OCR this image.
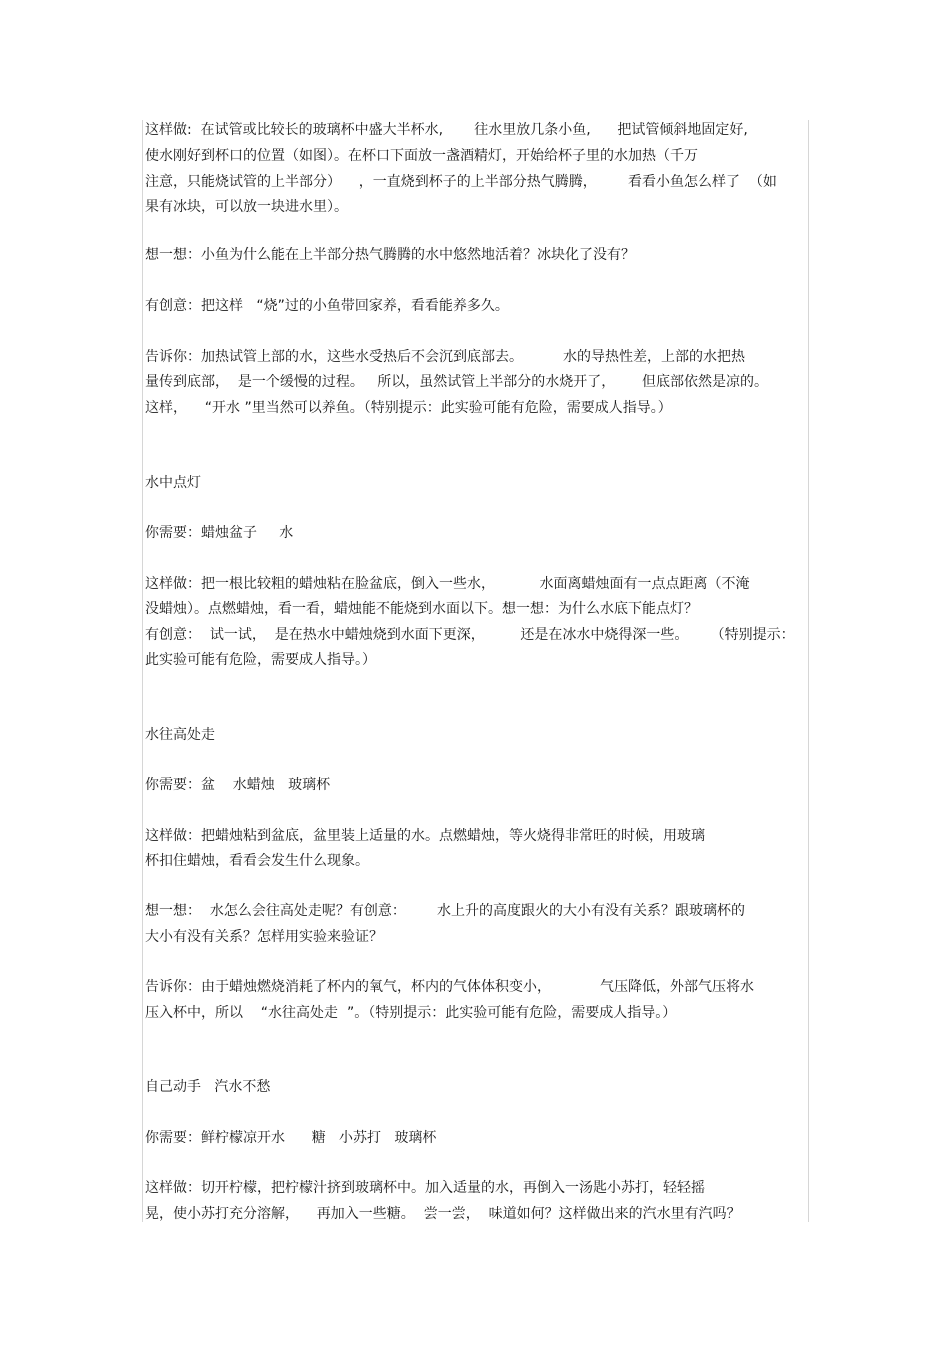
这样做:  在试管或比较长的玻璃杯中盛大半杯水,       往水里放几条小鱼,      把试管倾斜地固定好,
使水刚好到杯口的位置（如图）。在杯口下面放一盏酒精灯，开始给杯子里的水加热（千万
注意，只能烧试管的上半部分）    ，一直烧到杯子的上半部分热气腾腾，       看看小鱼怎么样了  （如
果有冰块，可以放一块进水里）。
想一想：小鱼为什么能在上半部分热气腾腾的水中悠然地活着？冰块化了没有？
有创意：把这样   “烧”过的小鱼带回家养，看看能养多久。
告诉你：加热试管上部的水，这些水受热后不会沉到底部去。         水的导热性差，上部的水把热
量传到底部，  是一个缓慢的过程。   所以，虽然试管上半部分的水烧开了，      但底部依然是凉的。
这样，    “开水 ”里当然可以养鱼。（特别提示：此实验可能有危险，需要成人指导。）
水中点灯
你需要：蜡烛盆子     水
这样做：把一根比较粗的蜡烛粘在脸盆底，倒入一些水，          水面离蜡烛面有一点点距离（不淹
没蜡烛）。点燃蜡烛，看一看，蜡烛能不能烧到水面以下。想一想：为什么水底下能点灯？
有创意：  试一试，  是在热水中蜡烛烧到水面下更深，        还是在冰水中烧得深一些。     （特别提示：
此实验可能有危险，需要成人指导。）
水往高处走
你需要：盆    水蜡烛   玻璃杯
这样做：把蜡烛粘到盆底，盆里装上适量的水。点燃蜡烛，等火烧得非常旺的时候，用玻璃
杯扣住蜡烛，看看会发生什么现象。
想一想：  水怎么会往高处走呢？有创意：       水上升的高度跟火的大小有没有关系？跟玻璃杯的
大小有没有关系？怎样用实验来验证？
告诉你：由于蜡烛燃烧消耗了杯内的氧气，杯内的气体体积变小，           气压降低，外部气压将水
压入杯中，所以    “水往高处走  ”。（特别提示：此实验可能有危险，需要成人指导。）
自己动手   汽水不愁
你需要：鲜柠檬凉开水      糖   小苏打   玻璃杯
这样做：切开柠檬，把柠檬汁挤到玻璃杯中。加入适量的水，再倒入一汤匙小苏打，轻轻摇
晃，使小苏打充分溶解，    再加入一些糖。  尝一尝，  味道如何？这样做出来的汽水里有汽吗？
